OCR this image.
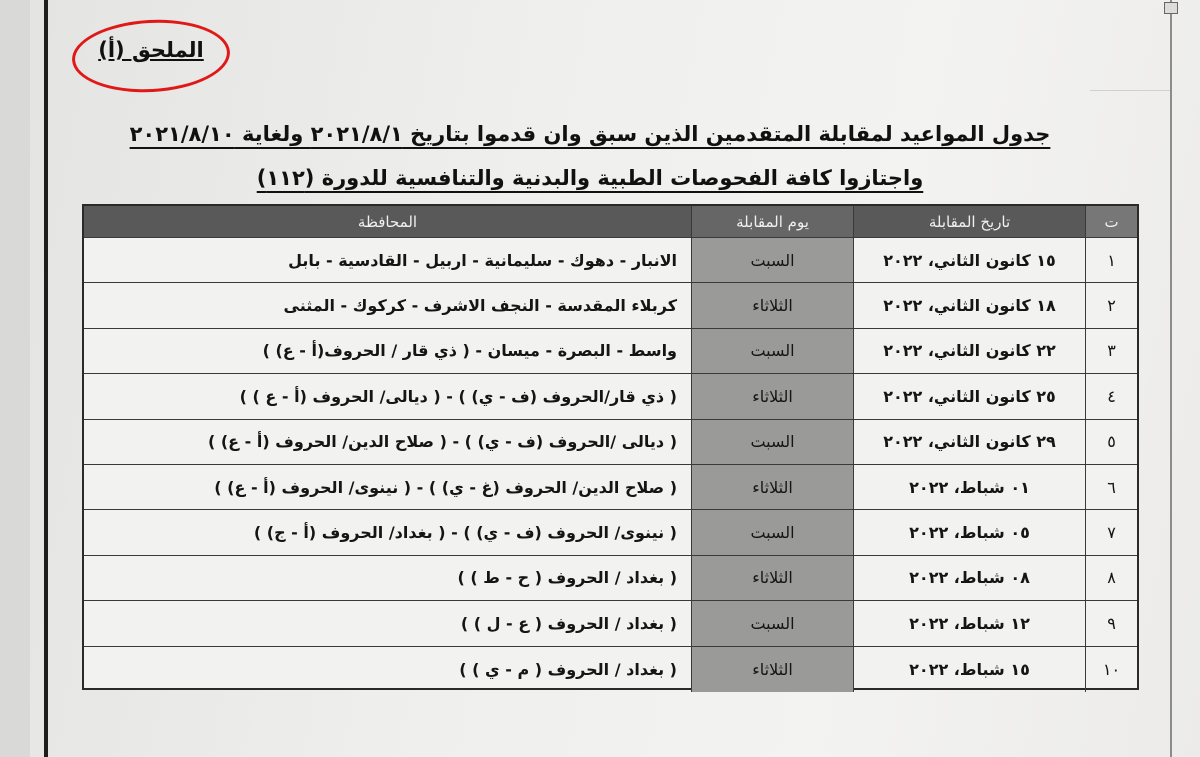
الملحق (أ)
جدول المواعيد لمقابلة المتقدمين الذين سبق وان قدموا بتاريخ ٢٠٢١/٨/١ ولغاية ٢٠٢١/٨/١٠
واجتازوا كافة الفحوصات الطبية والبدنية والتنافسية للدورة (١١٢)
ت
تاريخ المقابلة
يوم المقابلة
المحافظة
١
١٥ كانون الثاني، ٢٠٢٢
السبت
الانبار - دهوك - سليمانية - اربيل - القادسية - بابل
٢
١٨ كانون الثاني، ٢٠٢٢
الثلاثاء
كربلاء المقدسة - النجف الاشرف - كركوك - المثنى
٣
٢٢ كانون الثاني، ٢٠٢٢
السبت
واسط - البصرة - ميسان - ( ذي قار / الحروف(أ - ع) )
٤
٢٥ كانون الثاني، ٢٠٢٢
الثلاثاء
( ذي قار/الحروف (ف - ي) ) - ( ديالى/ الحروف (أ - ع ) )
٥
٢٩ كانون الثاني، ٢٠٢٢
السبت
( ديالى /الحروف (ف - ي) ) - ( صلاح الدين/ الحروف (أ - ع) )
٦
٠١ شباط، ٢٠٢٢
الثلاثاء
( صلاح الدين/ الحروف (غ - ي) ) - ( نينوى/ الحروف (أ - ع) )
٧
٠٥ شباط، ٢٠٢٢
السبت
( نينوى/ الحروف (ف - ي) ) - ( بغداد/ الحروف (أ - ج) )
٨
٠٨ شباط، ٢٠٢٢
الثلاثاء
( بغداد / الحروف ( ح - ط ) )
٩
١٢ شباط، ٢٠٢٢
السبت
( بغداد / الحروف ( ع - ل ) )
١٠
١٥ شباط، ٢٠٢٢
الثلاثاء
( بغداد / الحروف ( م - ي ) )
